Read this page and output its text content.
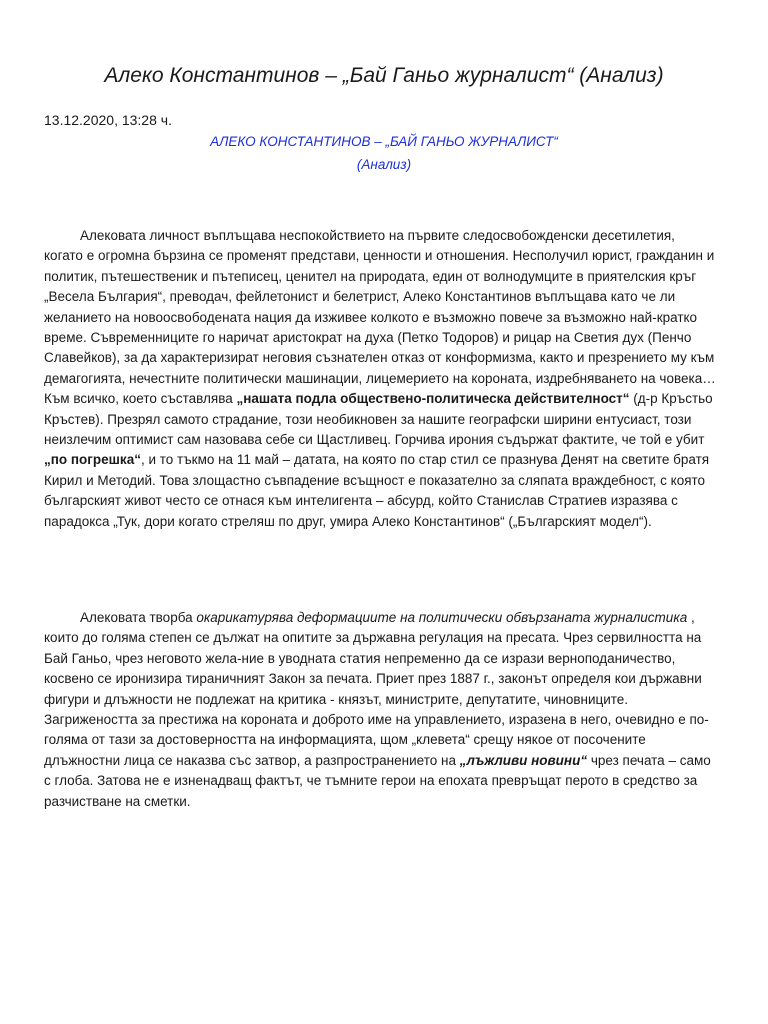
Алеко Константинов – „Бай Ганьо журналист“ (Анализ)
13.12.2020, 13:28 ч.
АЛЕКО КОНСТАНТИНОВ – „БАЙ ГАНЬО ЖУРНАЛИСТ“
(Анализ)

Алековата личност въплъщава неспокойствието на първите следосвобожденски десетилетия, когато е огромна бързина се променят представи, ценности и отношения. Несполучил юрист, гражданин и политик, пътешественик и пътеписец, ценител на природата, един от волнодумците в приятелския кръг „Весела България“, преводач, фейлетонист и белетрист, Алеко Константинов въплъщава като че ли желанието на новоосвободената нация да изживее колкото е възможно повече за възможно най-кратко време. Съвременниците го наричат аристократ на духа (Петко Тодоров) и рицар на Светия дух (Пенчо Славейков), за да характеризират неговия съзнателен отказ от конформизма, както и презрението му към демагогията, нечестните политически машинации, лицемерието на короната, издребняването на човека… Към всичко, което съставлява „нашата подла обществено-политическа действителност“ (д-р Кръстьо Кръстев). Презрял самото страдание, този необикновен за нашите географски ширини ентусиаст, този неизлечим оптимист сам назовава себе си Щастливец. Горчива ирония съдържат фактите, че той е убит „по погрешка“, и то тъкмо на 11 май – датата, на която по стар стил се празнува Денят на светите братя Кирил и Методий. Това злощастно съвпадение всъщност е показателно за сляпата враждебност, с която българският живот често се отнася към интелигента – абсурд, който Станислав Стратиев изразява с парадокса „Тук, дори когато стреляш по друг, умира Алеко Константинов“ („Българският модел“).

Алековата творба окарикатурява деформациите на политически обвързаната журналистика , които до голяма степен се дължат на опитите за държавна регулация на пресата. Чрез сервилността на Бай Ганьо, чрез неговото жела-ние в уводната статия непременно да се изрази верноподаничество, косвено се иронизира тираничният Закон за печата. Приет през 1887 г., законът определя кои държавни фигури и длъжности не подлежат на критика - князът, министрите, депутатите, чиновниците. Загрижеността за престижа на короната и доброто име на управлението, изразена в него, очевидно е по-голяма от тази за достоверността на информацията, щом „клевета“ срещу някое от посочените длъжностни лица се наказва със затвор, а разпространението на „лъжливи новини“ чрез печата – само с глоба. Затова не е изненадващ фактът, че тъмните герои на епохата превръщат перото в средство за разчистване на сметки.
